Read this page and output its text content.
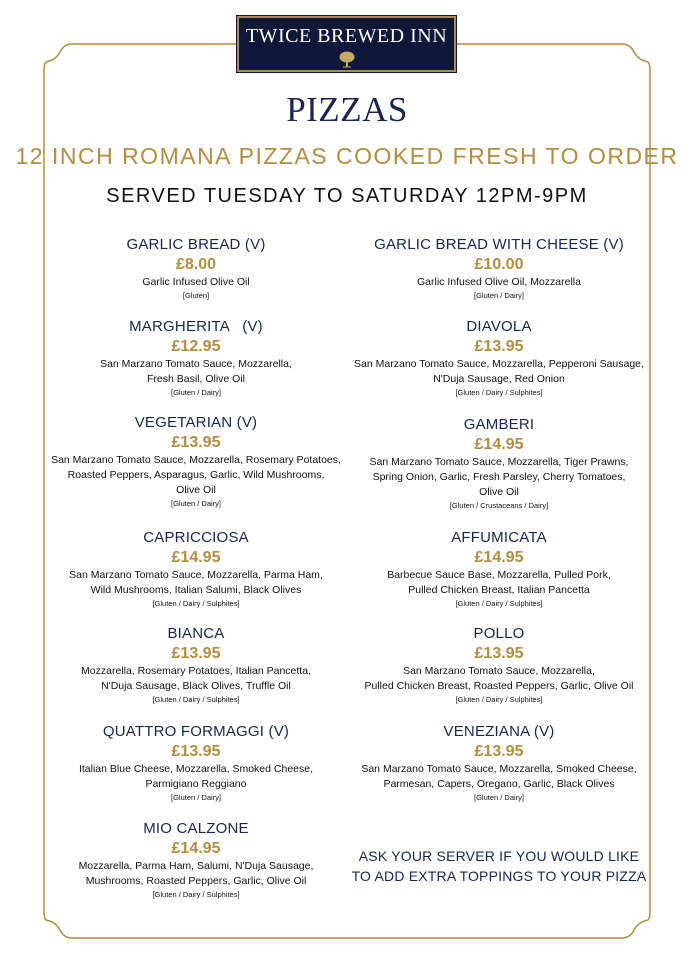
TWICE BREWED INN
PIZZAS
12 INCH ROMANA PIZZAS COOKED FRESH TO ORDER
SERVED TUESDAY TO SATURDAY 12PM-9PM
GARLIC BREAD (V)
£8.00
Garlic Infused Olive Oil
[Gluten]
MARGHERITA   (V)
£12.95
San Marzano Tomato Sauce, Mozzarella,
Fresh Basil, Olive Oil
[Gluten / Dairy]
VEGETARIAN (V)
£13.95
San Marzano Tomato Sauce, Mozzarella, Rosemary Potatoes,
Roasted Peppers, Asparagus, Garlic, Wild Mushrooms,
Olive Oil
[Gluten / Dairy]
CAPRICCIOSA
£14.95
San Marzano Tomato Sauce, Mozzarella, Parma Ham,
Wild Mushrooms, Italian Salumi, Black Olives
[Gluten / Dairy / Sulphites]
BIANCA
£13.95
Mozzarella, Rosemary Potatoes, Italian Pancetta,
N'Duja Sausage, Black Olives, Truffle Oil
[Gluten / Dairy / Sulphites]
QUATTRO FORMAGGI (V)
£13.95
Italian Blue Cheese, Mozzarella, Smoked Cheese,
Parmigiano Reggiano
[Gluten / Dairy]
MIO CALZONE
£14.95
Mozzarella, Parma Ham, Salumi, N'Duja Sausage,
Mushrooms, Roasted Peppers, Garlic, Olive Oil
[Gluten / Dairy / Sulphites]
GARLIC BREAD WITH CHEESE (V)
£10.00
Garlic Infused Olive Oil, Mozzarella
[Gluten / Dairy]
DIAVOLA
£13.95
San Marzano Tomato Sauce, Mozzarella, Pepperoni Sausage,
N'Duja Sausage, Red Onion
[Gluten / Dairy / Sulphites]
GAMBERI
£14.95
San Marzano Tomato Sauce, Mozzarella, Tiger Prawns,
Spring Onion, Garlic, Fresh Parsley, Cherry Tomatoes,
Olive Oil
[Gluten / Crustaceans / Dairy]
AFFUMICATA
£14.95
Barbecue Sauce Base, Mozzarella, Pulled Pork,
Pulled Chicken Breast, Italian Pancetta
[Gluten / Dairy / Sulphites]
POLLO
£13.95
San Marzano Tomato Sauce, Mozzarella,
Pulled Chicken Breast, Roasted Peppers, Garlic, Olive Oil
[Gluten / Dairy / Sulphites]
VENEZIANA (V)
£13.95
San Marzano Tomato Sauce, Mozzarella, Smoked Cheese,
Parmesan, Capers, Oregano, Garlic, Black Olives
[Gluten / Dairy]
ASK YOUR SERVER IF YOU WOULD LIKE
TO ADD EXTRA TOPPINGS TO YOUR PIZZA
